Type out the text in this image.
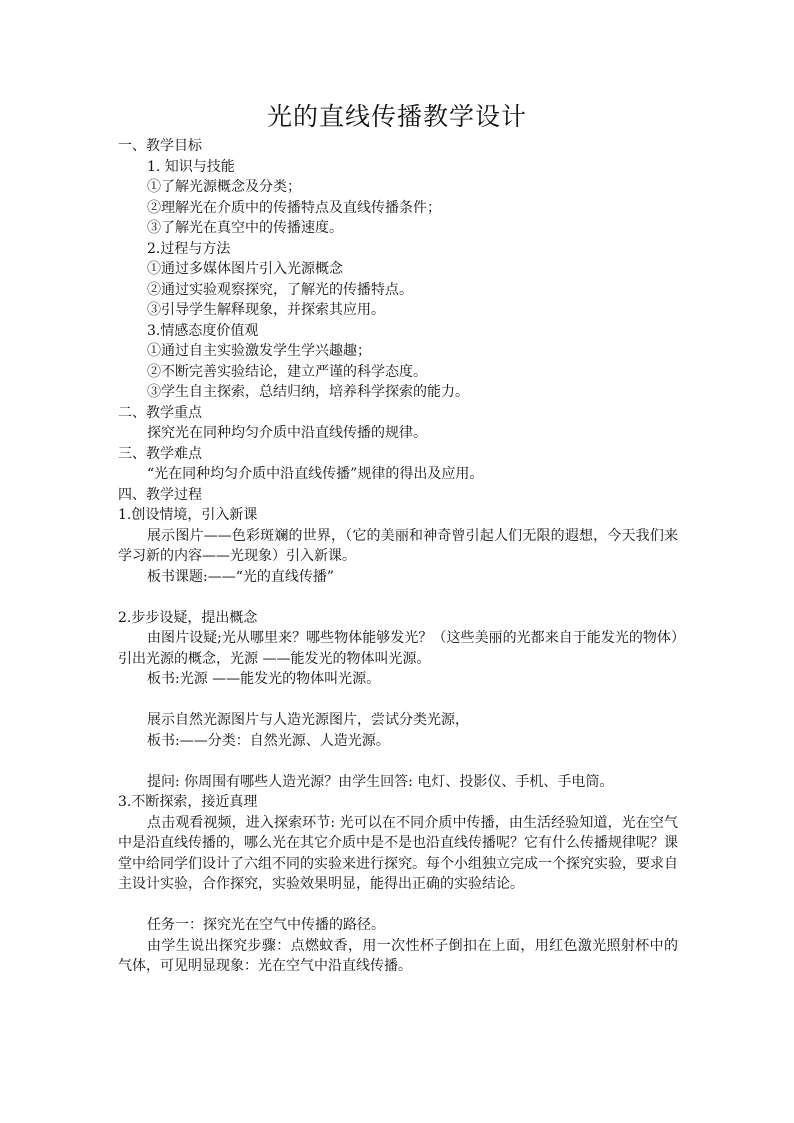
光的直线传播教学设计
一、教学目标
1. 知识与技能
①了解光源概念及分类；
②理解光在介质中的传播特点及直线传播条件；
③了解光在真空中的传播速度。
2.过程与方法
①通过多媒体图片引入光源概念
②通过实验观察探究，了解光的传播特点。
③引导学生解释现象，并探索其应用。
3.情感态度价值观
①通过自主实验激发学生学兴趣趣；
②不断完善实验结论，建立严谨的科学态度。
③学生自主探索，总结归纳，培养科学探索的能力。
二、教学重点
探究光在同种均匀介质中沿直线传播的规律。
三、教学难点
“光在同种均匀介质中沿直线传播”规律的得出及应用。
四、教学过程
1.创设情境，引入新课
展示图片——色彩斑斓的世界，（它的美丽和神奇曾引起人们无限的遐想，今天我们来学习新的内容——光现象）引入新课。
板书课题:——“光的直线传播”
2.步步设疑，提出概念
由图片设疑;光从哪里来？哪些物体能够发光？（这些美丽的光都来自于能发光的物体）引出光源的概念，光源 ——能发光的物体叫光源。
板书:光源 ——能发光的物体叫光源。
展示自然光源图片与人造光源图片，尝试分类光源，
板书:——分类：自然光源、人造光源。
提问: 你周围有哪些人造光源？由学生回答: 电灯、投影仪、手机、手电筒。
3.不断探索，接近真理
点击观看视频，进入探索环节: 光可以在不同介质中传播，由生活经验知道，光在空气中是沿直线传播的，哪么光在其它介质中是不是也沿直线传播呢？它有什么传播规律呢？课堂中给同学们设计了六组不同的实验来进行探究。每个小组独立完成一个探究实验，要求自主设计实验，合作探究，实验效果明显，能得出正确的实验结论。
任务一：探究光在空气中传播的路径。
由学生说出探究步骤：点燃蚊香，用一次性杯子倒扣在上面，用红色激光照射杯中的气体，可见明显现象：光在空气中沿直线传播。
